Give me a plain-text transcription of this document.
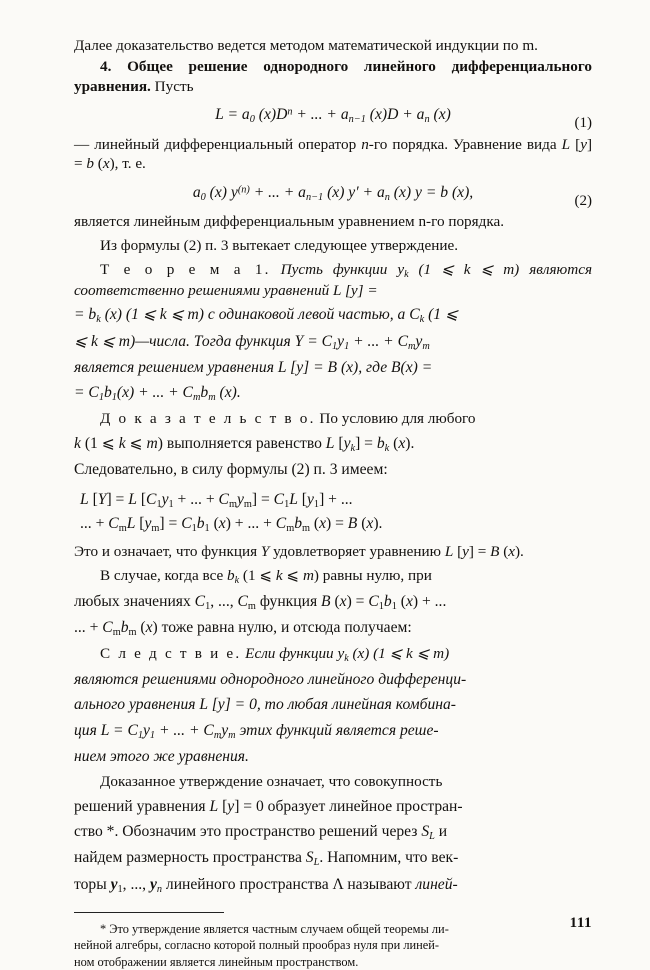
Далее доказательство ведется методом математической индукции по m.

4. Общее решение однородного линейного дифференциального уравнения. Пусть

$L = a_0$ $(x)D^n$ + ... + $a_{n-1}$ $(x)D + a_n$ (x)	(1)

— линейный дифференциальный оператор n-го порядка. Уравнение вида L [у] = b (x), т. е.

$a_0$ (x) $y^{(n)}$ + ... + $a_{n-1}$ (x) $y' + a_n$ (x) y = b (x),	(2)

является линейным дифференциальным уравнением n-го порядка.

Из формулы (2) п. 3 вытекает следующее утверждение.

Т е о р е м а 1. Пусть функции $y_k$ (1 ⩽ k ⩽ m) являются соответственно решениями уравнений L [y] =

= $b_k$ (x) (1 ⩽ k ⩽ m) с одинаковой левой частью, а $C_k$ (1 ⩽

⩽ k ⩽ m)—числа. Тогда функция $Y = C_1y_1$ + ... + $C_my_m$

является решением уравнения L [y] = B (x), где B(x) =

= $C_1b_1(x)$ + ... + $C_mb_m$ (x).

Д о к а з а т е л ь с т в о. По условию для любого

k (1 ⩽ k ⩽ m) выполняется равенство L $[y_k] = b_k$ (x).

Следовательно, в силу формулы (2) п. 3 имеем:

L [Y] = L [$C_1y_1$ + ... + $C_my_m] = C_1L$ $[y_1]$ + ...
... + $C_mL$ $[y_m] = C_1b_1$ (x) + ... + $C_mb_m$ (x) = B (x).

Это и означает, что функция Y удовлетворяет уравнению L [y] = B (x).

В случае, когда все $b_k$ (1 ⩽ k ⩽ m) равны нулю, при

любых значениях $C_1$, ..., $C_m$ функция B $(x) = C_1b_1$ (x) + ...

... + $C_mb_m$ (x) тоже равна нулю, и отсюда получаем:

С л е д с т в и е. Если функции $y_k$ (x) (1 ⩽ k ⩽ m)

являются решениями однородного линейного дифференци-

ального уравнения L [y] = 0, то любая линейная комбина-

ция $L = C_1y_1$ + ... + $C_my_m$ этих функций является реше-

нием этого же уравнения.

Доказанное утверждение означает, что совокупность

решений уравнения L [y] = 0 образует линейное простран-

ство *. Обозначим это пространство решений через $S_L$ и

найдем размерность пространства $S_L$. Напомним, что век-

торы $y_1$, ..., $y_n$ линейного пространства Λ называют линей-

* Это утверждение является частным случаем общей теоремы ли-

нейной алгебры, согласно которой полный прообраз нуля при линей-

ном отображении является линейным пространством.

111
